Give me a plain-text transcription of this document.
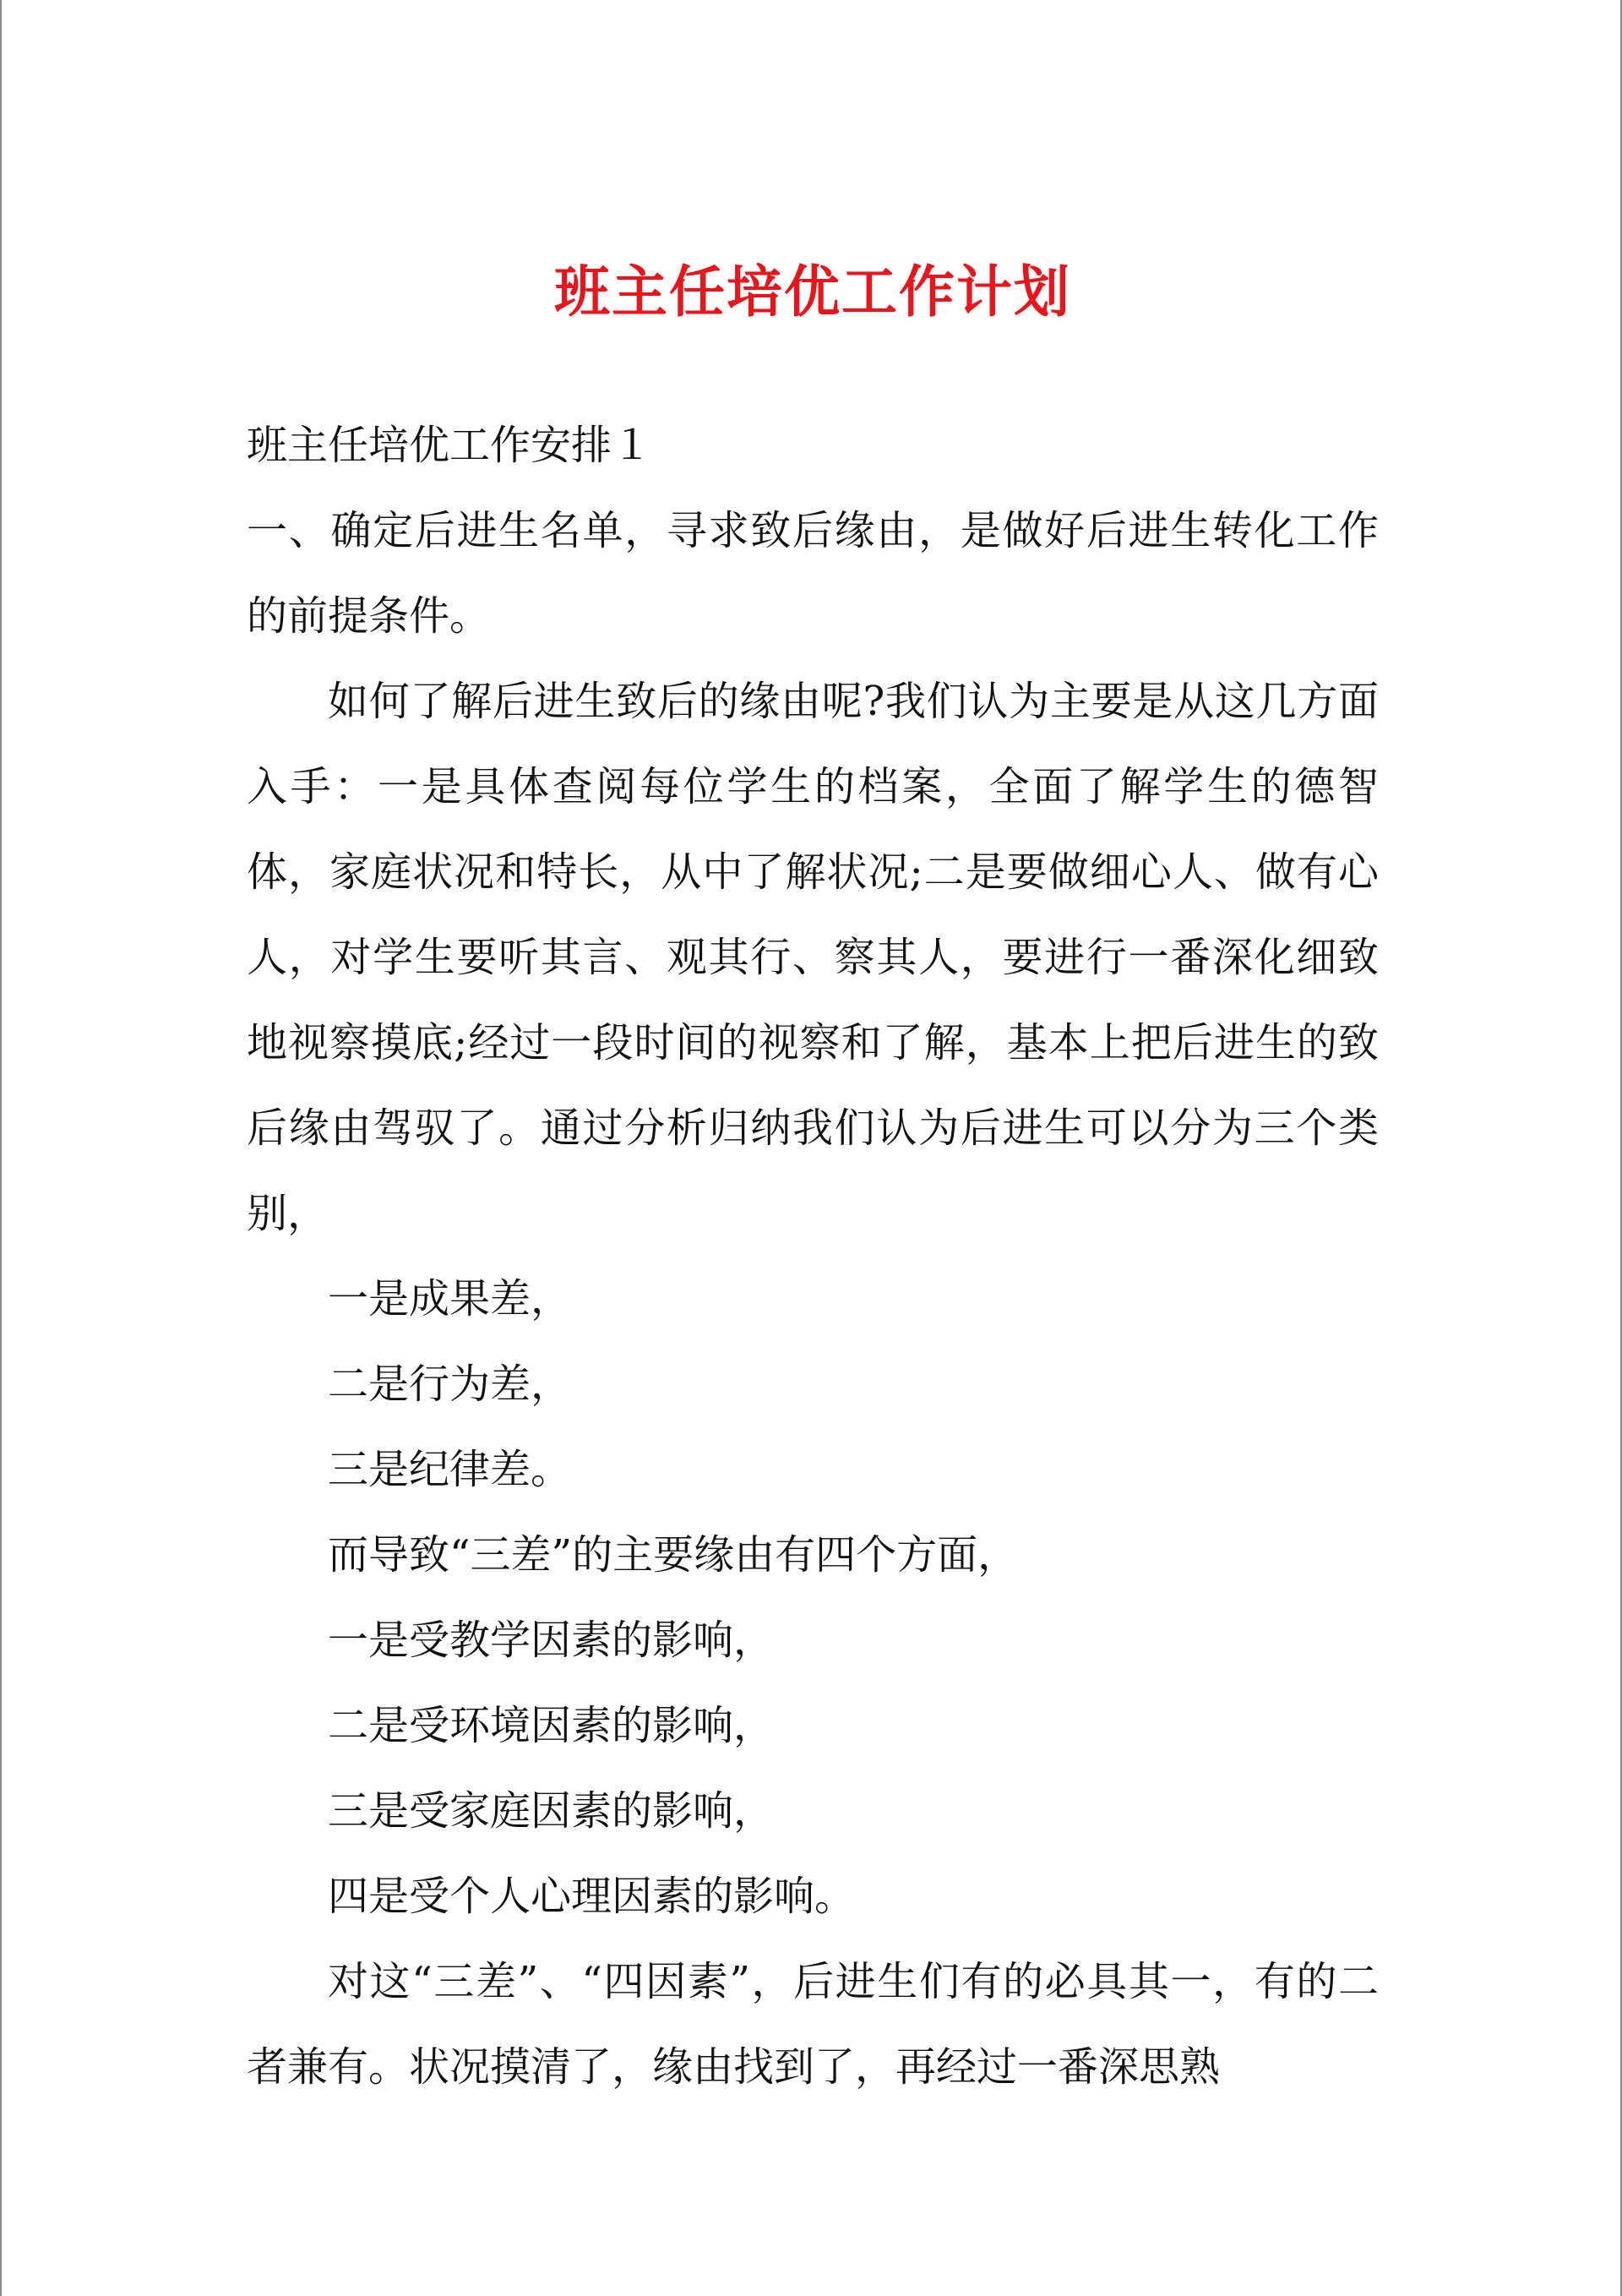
班主任培优工作计划

班主任培优工作安排１

一、确定后进生名单，寻求致后缘由，是做好后进生转化工作的前提条件。

如何了解后进生致后的缘由呢?我们认为主要是从这几方面入手：一是具体查阅每位学生的档案，全面了解学生的德智体，家庭状况和特长，从中了解状况;二是要做细心人、做有心人，对学生要听其言、观其行、察其人，要进行一番深化细致地视察摸底;经过一段时间的视察和了解，基本上把后进生的致后缘由驾驭了。通过分析归纳我们认为后进生可以分为三个类别，

一是成果差，

二是行为差，

三是纪律差。

而导致“三差”的主要缘由有四个方面，

一是受教学因素的影响，

二是受环境因素的影响，

三是受家庭因素的影响，

四是受个人心理因素的影响。

对这“三差”、“四因素”，后进生们有的必具其一，有的二者兼有。状况摸清了，缘由找到了，再经过一番深思熟
